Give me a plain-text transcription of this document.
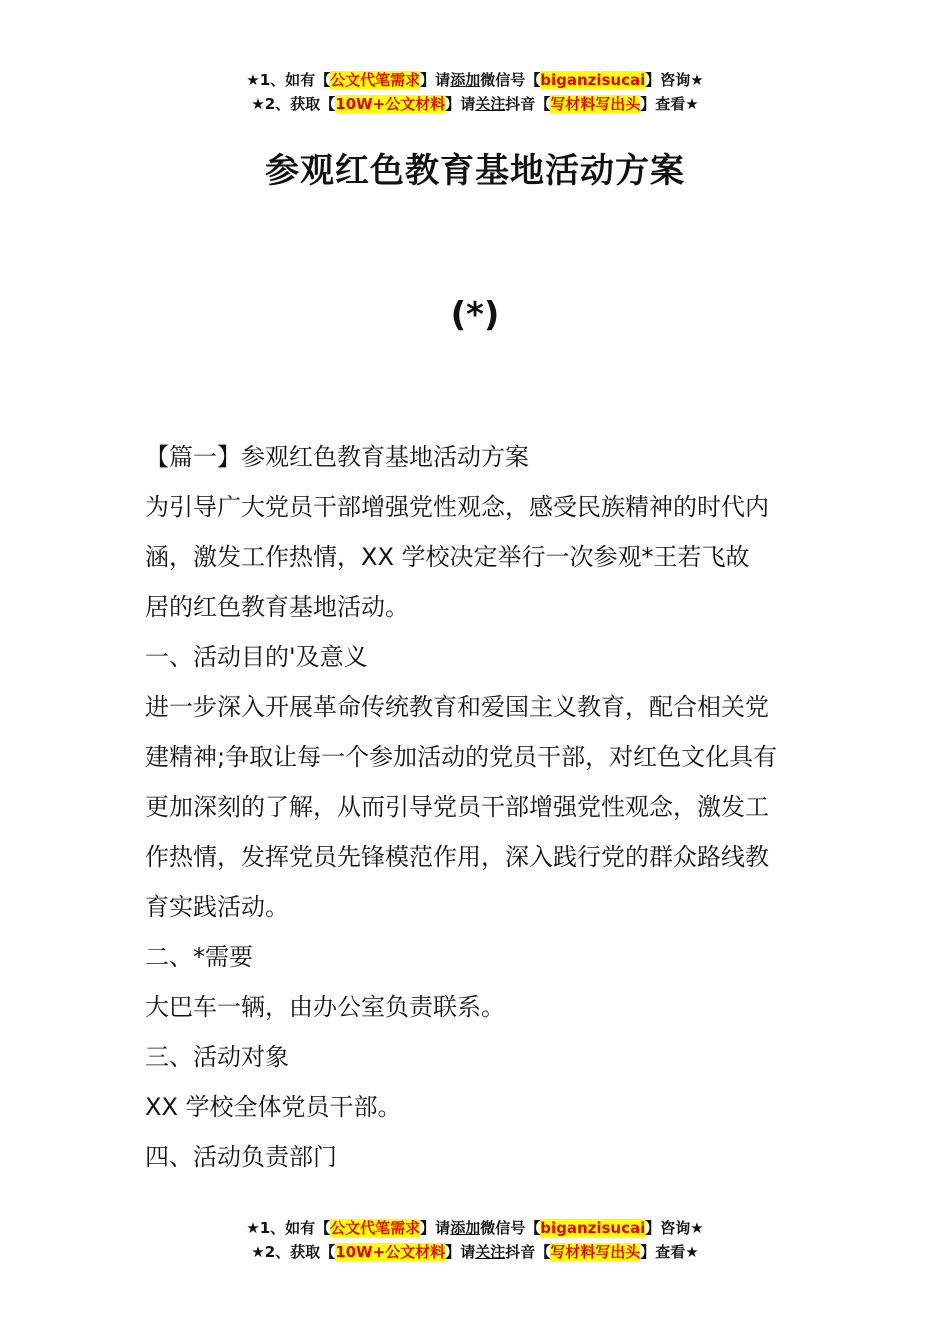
★1、如有【公文代笔需求】请添加微信号【biganzisucai】咨询★
★2、获取【10W+公文材料】请关注抖音【写材料写出头】查看★
参观红色教育基地活动方案
(*)

【篇⼀】参观红⾊教育基地活动⽅案

为引导⼴⼤党员⼲部增强党性观念，感受民族精神的时代内

涵，激发⼯作热情，XX 学校决定举⾏⼀次参观*王若飞故

居的红⾊教育基地活动。

⼀、活动⽬的'及意义

进⼀步深⼊开展⾰命传统教育和爱国主义教育，配合相关党

建精神;争取让每⼀个参加活动的党员⼲部，对红⾊⽂化具有

更加深刻的了解，从⽽引导党员⼲部增强党性观念，激发⼯

作热情，发挥党员先锋模范作⽤，深⼊践⾏党的群众路线教

育实践活动。

⼆、*需要

⼤巴车⼀辆，由办公室负责联系。

三、活动对象

XX 学校全体党员⼲部。

四、活动负责部门

★1、如有【公文代笔需求】请添加微信号【biganzisucai】咨询★
★2、获取【10W+公文材料】请关注抖音【写材料写出头】查看★
